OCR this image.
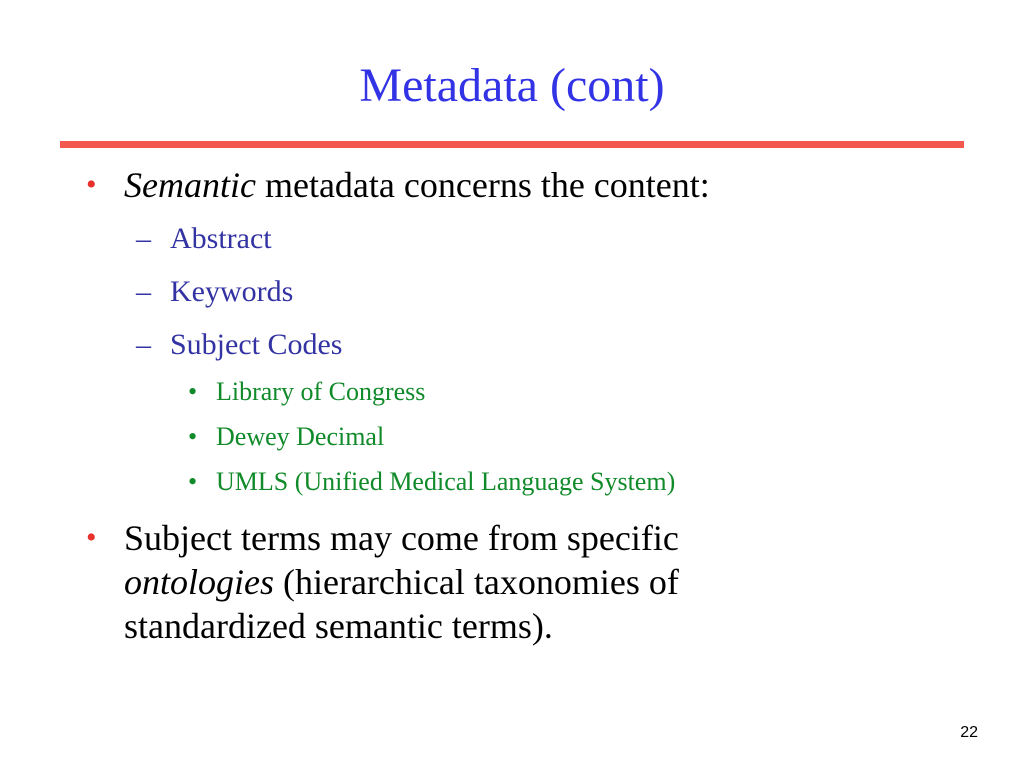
Metadata (cont)
• Semantic metadata concerns the content:
– Abstract
– Keywords
– Subject Codes
• Library of Congress
• Dewey Decimal
• UMLS (Unified Medical Language System)
• Subject terms may come from specific
ontologies (hierarchical taxonomies of
standardized semantic terms).
22
